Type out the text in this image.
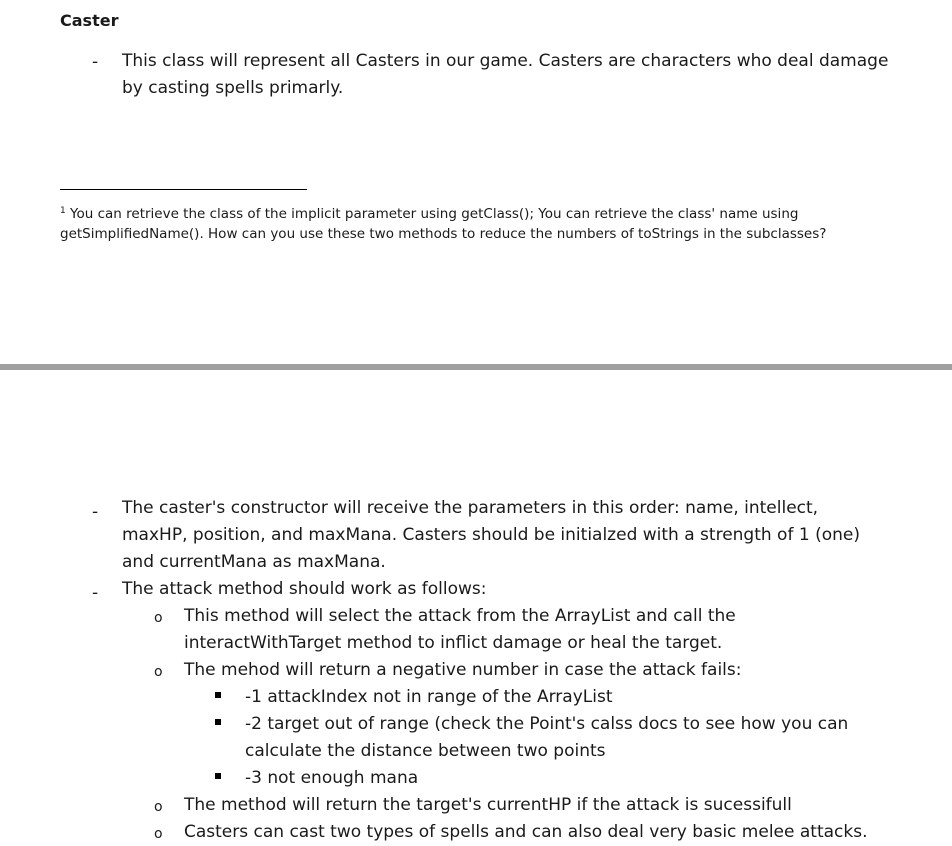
Caster
- This class will represent all Casters in our game. Casters are characters who deal damage
by casting spells primarly.
$^1$ You can retrieve the class of the implicit parameter using getClass(); You can retrieve the class' name using
getSimplifiedName(). How can you use these two methods to reduce the numbers of toStrings in the subclasses?
- The caster's constructor will receive the parameters in this order: name, intellect,
maxHP, position, and maxMana. Casters should be initialzed with a strength of 1 (one)
and currentMana as maxMana.
- The attack method should work as follows:
o This method will select the attack from the ArrayList and call the
interactWithTarget method to inflict damage or heal the target.
o The mehod will return a negative number in case the attack fails:
-1 attackIndex not in range of the ArrayList
-2 target out of range (check the Point's calss docs to see how you can
calculate the distance between two points
-3 not enough mana
o The method will return the target's currentHP if the attack is sucessifull
o Casters can cast two types of spells and can also deal very basic melee attacks.
